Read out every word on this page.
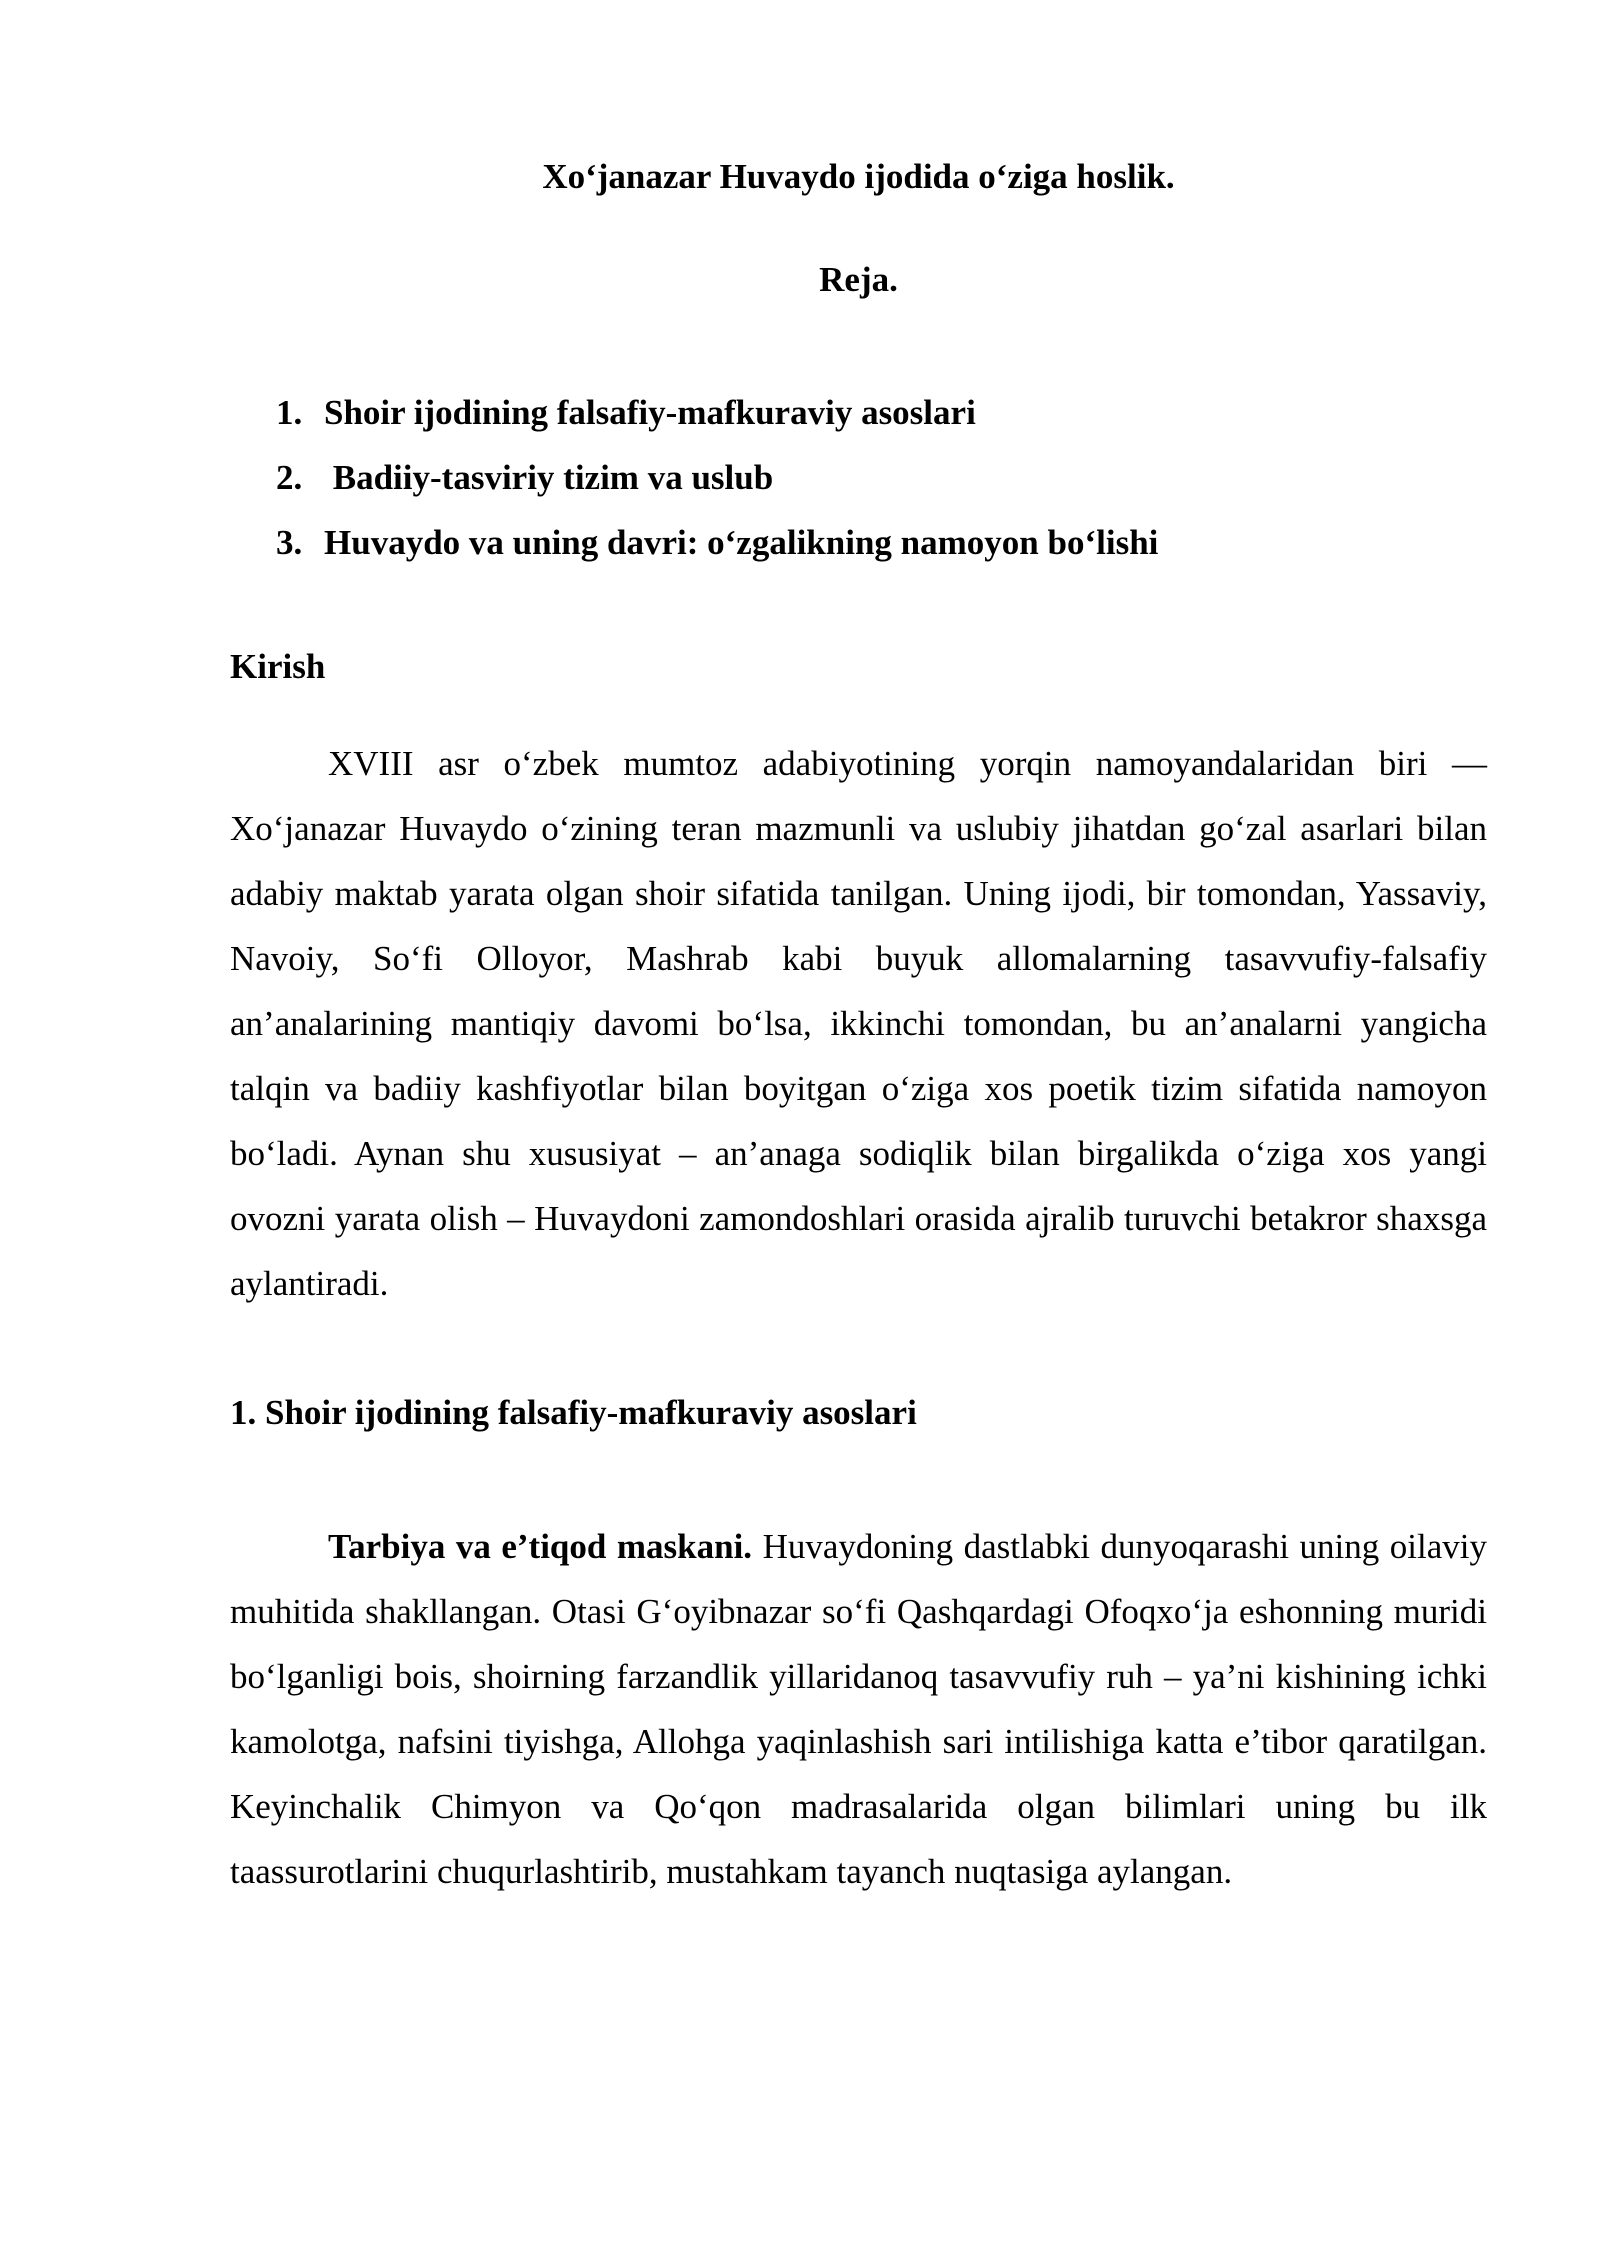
Xo‘janazar Huvaydo ijodida o‘ziga hoslik.
Reja.
1. Shoir ijodining falsafiy-mafkuraviy asoslari
2. Badiiy-tasviriy tizim va uslub
3. Huvaydo va uning davri: o‘zgalikning namoyon bo‘lishi
Kirish

XVIII asr o‘zbek mumtoz adabiyotining yorqin namoyandalaridan biri — Xo‘janazar Huvaydo o‘zining teran mazmunli va uslubiy jihatdan go‘zal asarlari bilan adabiy maktab yarata olgan shoir sifatida tanilgan. Uning ijodi, bir tomondan, Yassaviy, Navoiy, So‘fi Olloyor, Mashrab kabi buyuk allomalarning tasavvufiy-falsafiy an’analarining mantiqiy davomi bo‘lsa, ikkinchi tomondan, bu an’analarni yangicha talqin va badiiy kashfiyotlar bilan boyitgan o‘ziga xos poetik tizim sifatida namoyon bo‘ladi. Aynan shu xususiyat – an’anaga sodiqlik bilan birgalikda o‘ziga xos yangi ovozni yarata olish – Huvaydoni zamondoshlari orasida ajralib turuvchi betakror shaxsga aylantiradi.

1. Shoir ijodining falsafiy-mafkuraviy asoslari

Tarbiya va e’tiqod maskani. Huvaydoning dastlabki dunyoqarashi uning oilaviy muhitida shakllangan. Otasi G‘oyibnazar so‘fi Qashqardagi Ofoqxo‘ja eshonning muridi bo‘lganligi bois, shoirning farzandlik yillaridanoq tasavvufiy ruh – ya’ni kishining ichki kamolotga, nafsini tiyishga, Allohga yaqinlashish sari intilishiga katta e’tibor qaratilgan. Keyinchalik Chimyon va Qo‘qon madrasalarida olgan bilimlari uning bu ilk taassurotlarini chuqurlashtirib, mustahkam tayanch nuqtasiga aylangan.
